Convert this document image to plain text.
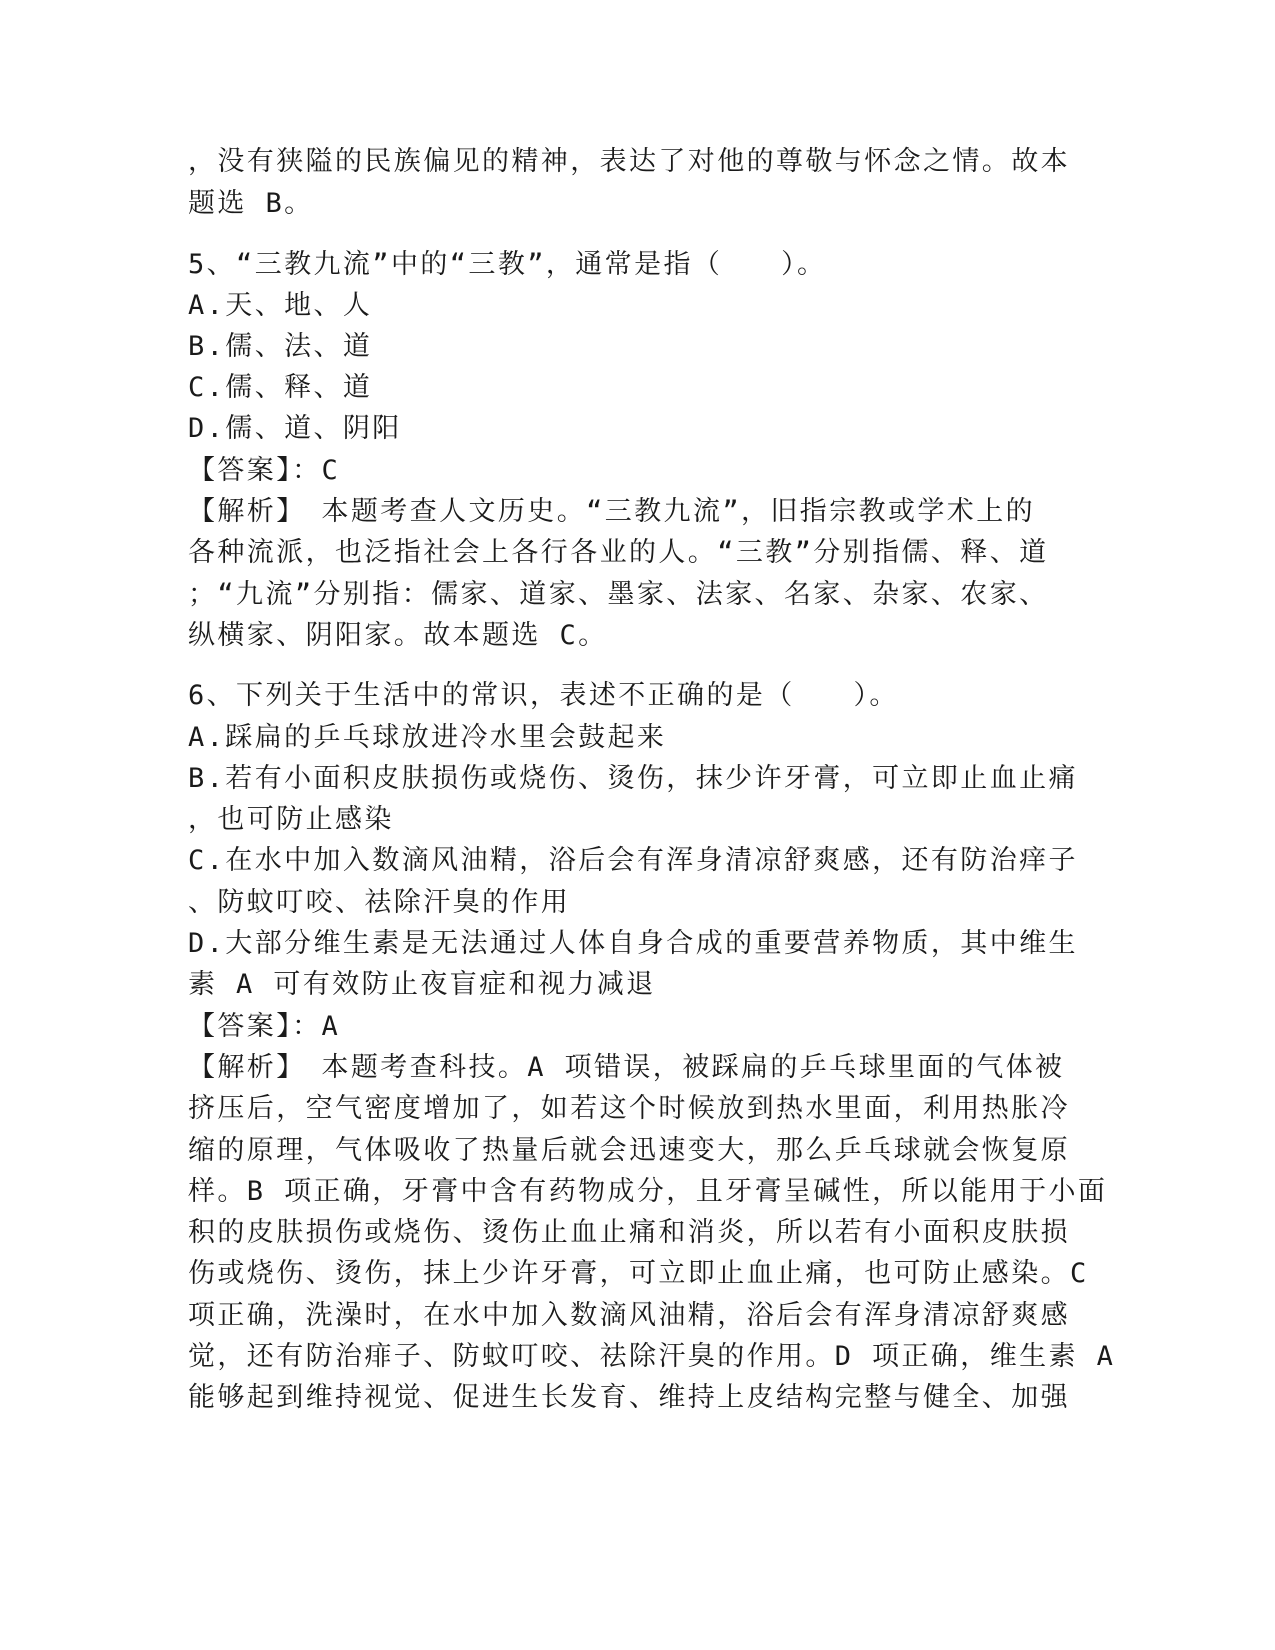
，没有狭隘的民族偏见的精神，表达了对他的尊敬与怀念之情。故本
题选 B。
5、“三教九流”中的“三教”，通常是指（　　）。
A.天、地、人
B.儒、法、道
C.儒、释、道
D.儒、道、阴阳
【答案】：C
【解析】　本题考查人文历史。“三教九流”，旧指宗教或学术上的
各种流派，也泛指社会上各行各业的人。“三教”分别指儒、释、道
；“九流”分别指：儒家、道家、墨家、法家、名家、杂家、农家、
纵横家、阴阳家。故本题选 C。
6、下列关于生活中的常识，表述不正确的是（　　）。
A.踩扁的乒乓球放进冷水里会鼓起来
B.若有小面积皮肤损伤或烧伤、烫伤，抹少许牙膏，可立即止血止痛
，也可防止感染
C.在水中加入数滴风油精，浴后会有浑身清凉舒爽感，还有防治痒子
、防蚊叮咬、祛除汗臭的作用
D.大部分维生素是无法通过人体自身合成的重要营养物质，其中维生
素 A 可有效防止夜盲症和视力减退
【答案】：A
【解析】　本题考查科技。A 项错误，被踩扁的乒乓球里面的气体被
挤压后，空气密度增加了，如若这个时候放到热水里面，利用热胀冷
缩的原理，气体吸收了热量后就会迅速变大，那么乒乓球就会恢复原
样。B 项正确，牙膏中含有药物成分，且牙膏呈碱性，所以能用于小面
积的皮肤损伤或烧伤、烫伤止血止痛和消炎，所以若有小面积皮肤损
伤或烧伤、烫伤，抹上少许牙膏，可立即止血止痛，也可防止感染。C
项正确，洗澡时，在水中加入数滴风油精，浴后会有浑身清凉舒爽感
觉，还有防治痱子、防蚊叮咬、祛除汗臭的作用。D 项正确，维生素 A
能够起到维持视觉、促进生长发育、维持上皮结构完整与健全、加强
